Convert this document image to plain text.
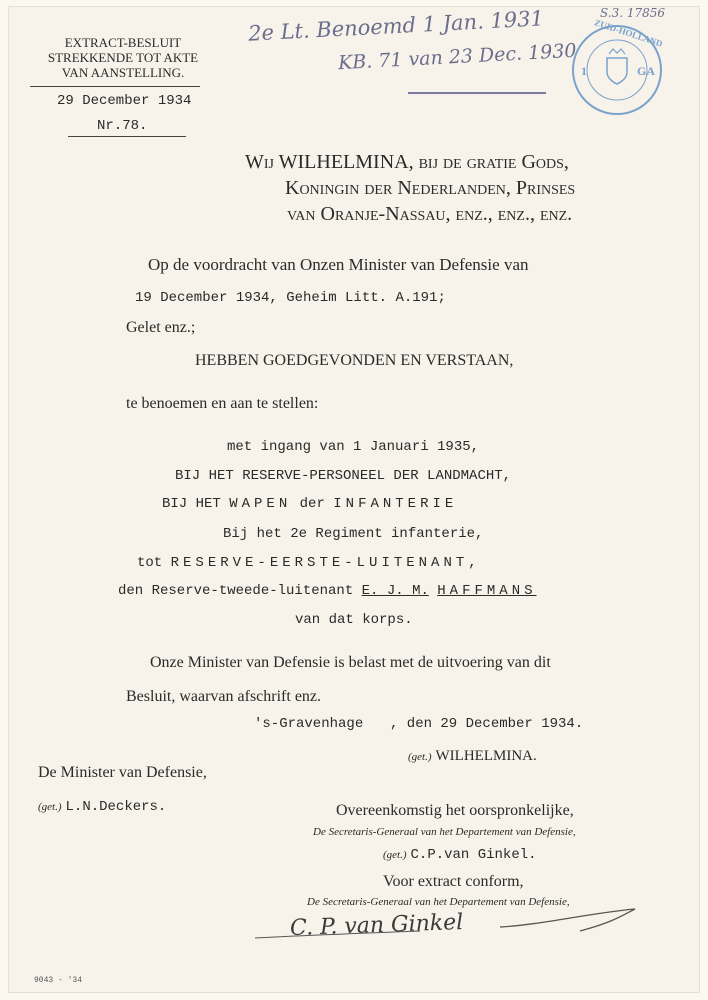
2e Lt. Benoemd 1 Jan. 1931
KB. 71 van 23 Dec. 1930
S.3. 17856
ZUID-HOLLAND
1	GA
EXTRACT-BESLUIT
STREKKENDE TOT AKTE
VAN AANSTELLING.
29 December 1934
Nr.78.
Wij WILHELMINA, bij de gratie Gods,
Koningin der Nederlanden, Prinses
van Oranje-Nassau, enz., enz., enz.
Op de voordracht van Onzen Minister van Defensie van
19 December 1934, Geheim Litt. A.191;
Gelet enz.;
HEBBEN GOEDGEVONDEN EN VERSTAAN,
te benoemen en aan te stellen:
met ingang van 1 Januari 1935,
BIJ HET RESERVE-PERSONEEL DER LANDMACHT,
BIJ HET WAPEN der INFANTERIE
Bij het 2e Regiment infanterie,
tot RESERVE-EERSTE-LUITENANT,
den Reserve-tweede-luitenant E. J. M. HAFFMANS
van dat korps.
Onze Minister van Defensie is belast met de uitvoering van dit
Besluit, waarvan afschrift enz.
's-Gravenhage , den 29 December 1934.
(get.) WILHELMINA.
De Minister van Defensie,
(get.) L.N.Deckers.	Overeenkomstig het oorspronkelijke,
De Secretaris-Generaal van het Departement van Defensie,
(get.) C.P.van Ginkel.
Voor extract conform,
De Secretaris-Generaal van het Departement van Defensie,
C. P. van Ginkel
9043 - '34
